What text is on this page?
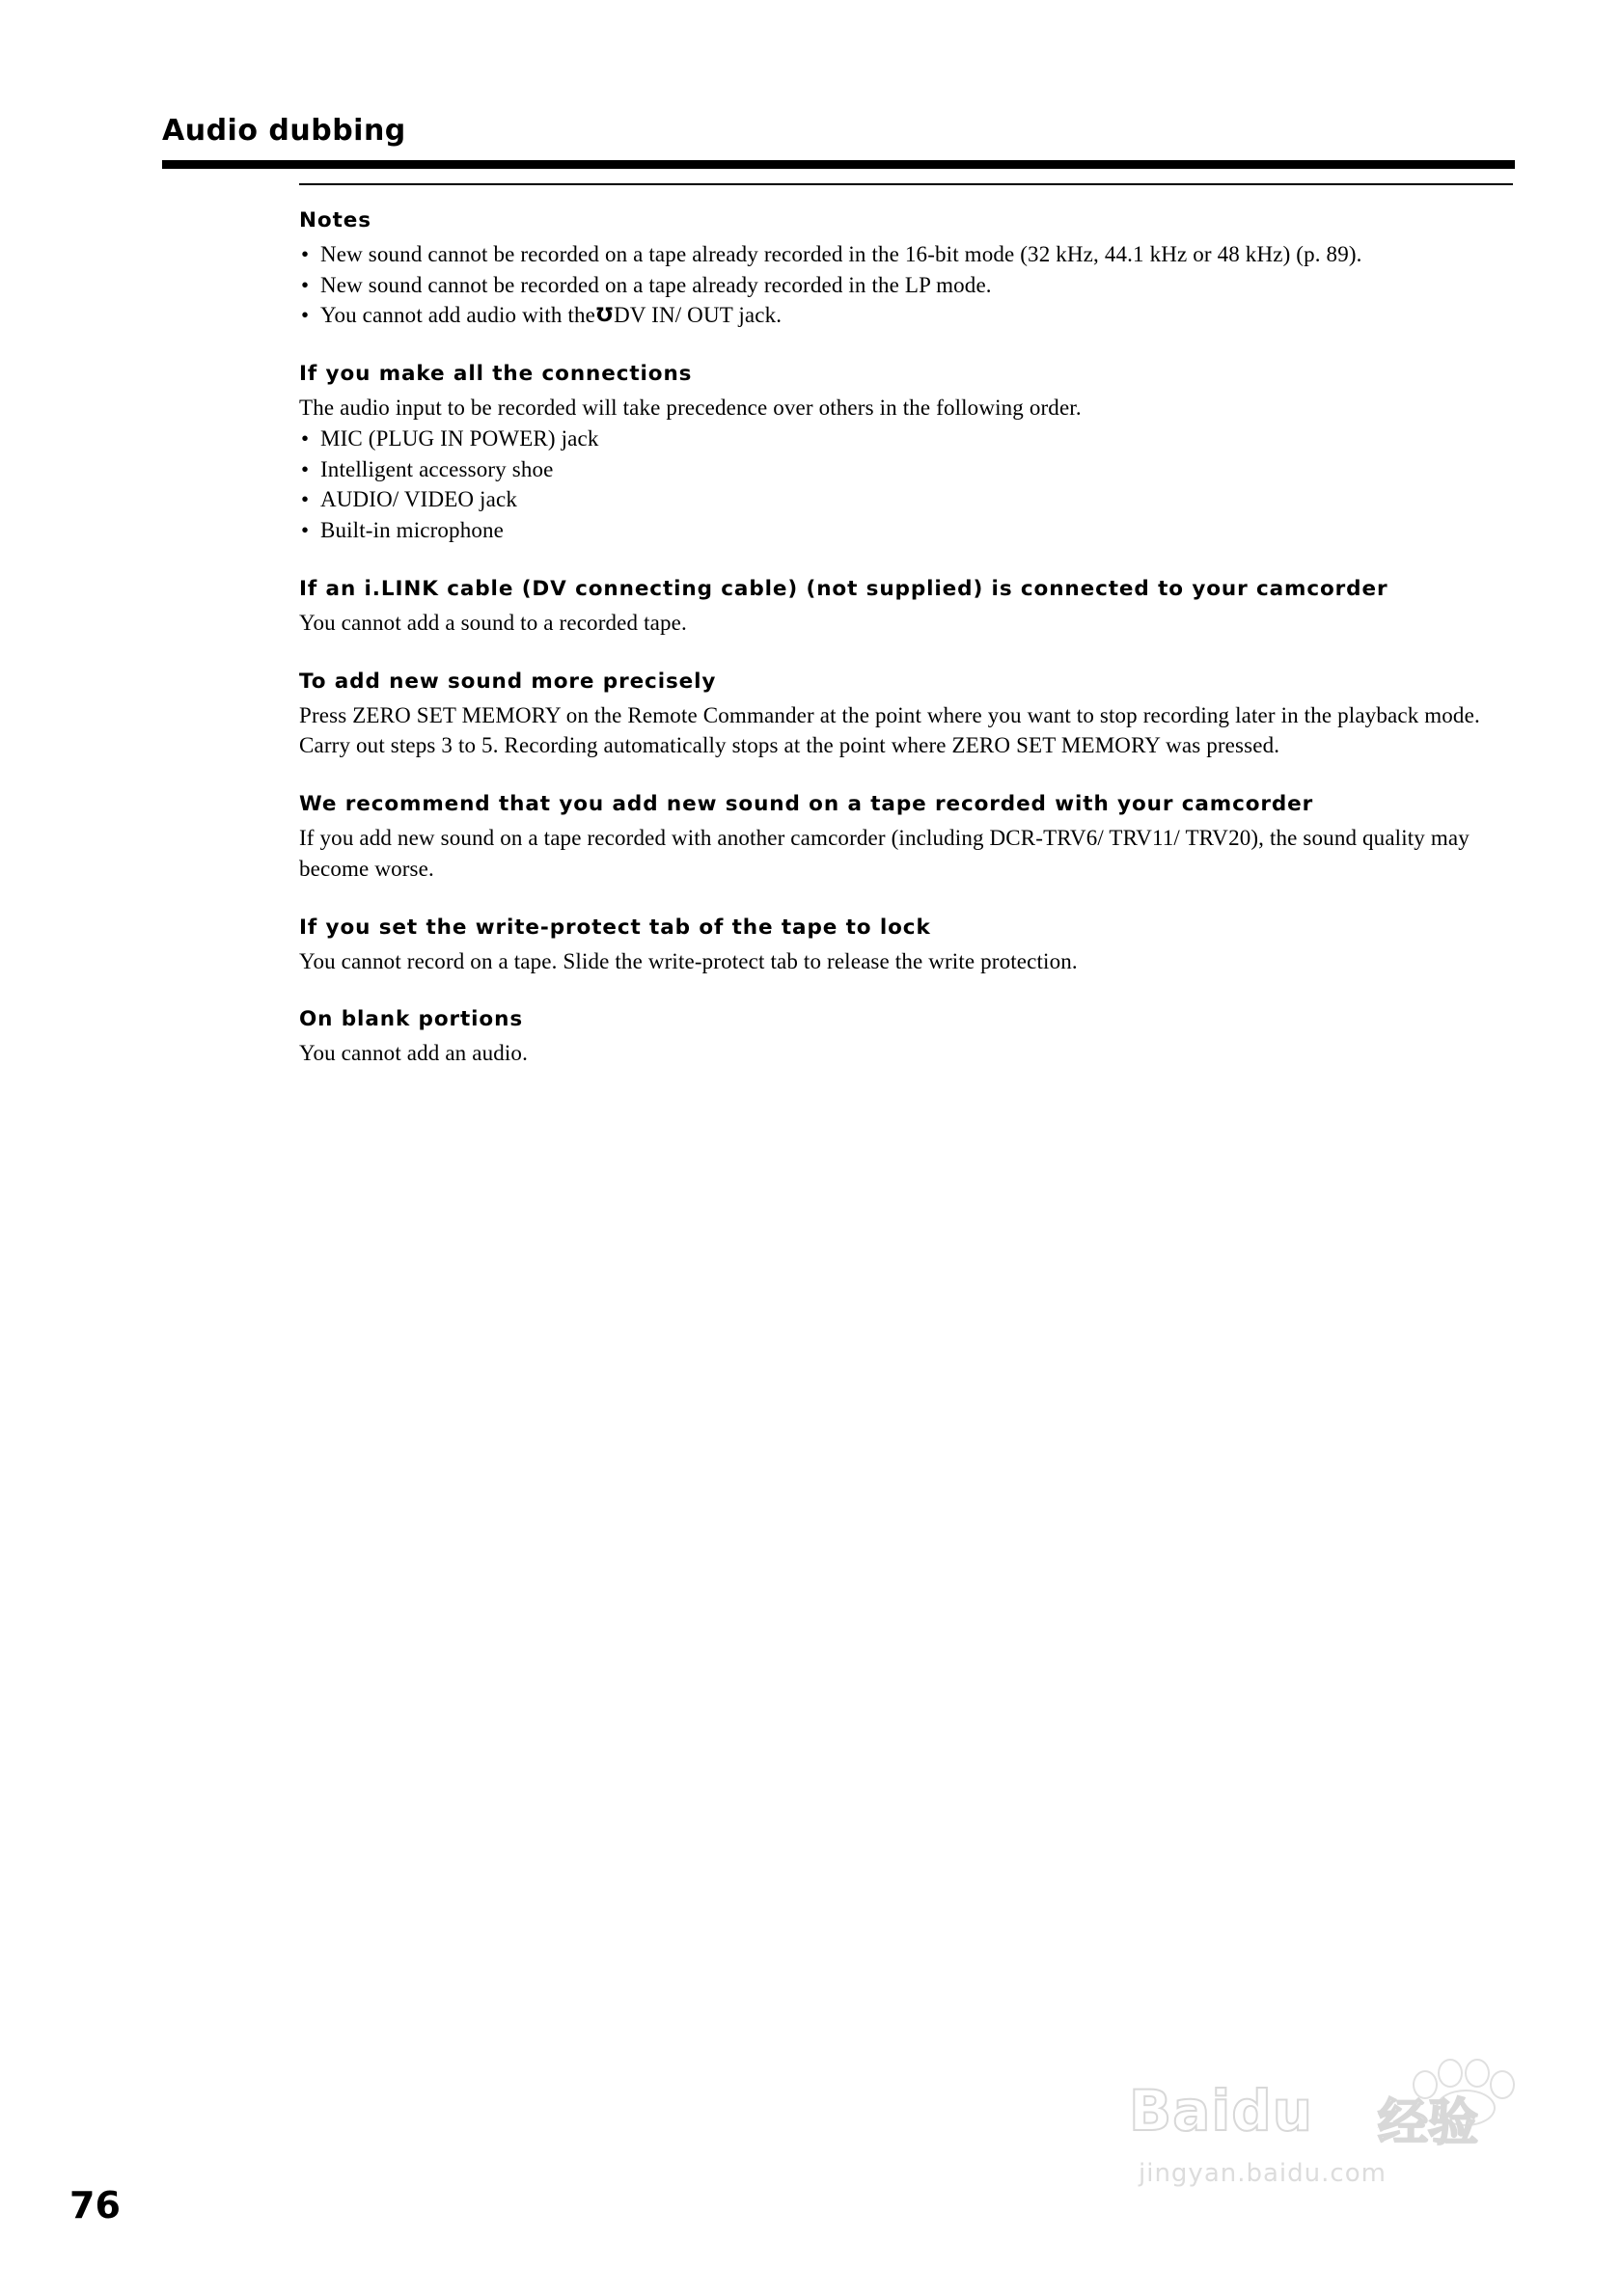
Audio dubbing
Notes
• New sound cannot be recorded on a tape already recorded in the 16-bit mode (32 kHz, 44.1 kHz or 48 kHz) (p. 89).
• New sound cannot be recorded on a tape already recorded in the LP mode.
• You cannot add audio with the℧DV IN/ OUT jack.
If you make all the connections

The audio input to be recorded will take precedence over others in the following order.

• MIC (PLUG IN POWER) jack
• Intelligent accessory shoe
• AUDIO/ VIDEO jack
• Built-in microphone
If an i.LINK cable (DV connecting cable) (not supplied) is connected to your camcorder

You cannot add a sound to a recorded tape.

To add new sound more precisely

Press ZERO SET MEMORY on the Remote Commander at the point where you want to stop recording later in the playback mode.

Carry out steps 3 to 5. Recording automatically stops at the point where ZERO SET MEMORY was pressed.

We recommend that you add new sound on a tape recorded with your camcorder

If you add new sound on a tape recorded with another camcorder (including DCR-TRV6/ TRV11/ TRV20), the sound quality may become worse.

If you set the write-protect tab of the tape to lock

You cannot record on a tape. Slide the write-protect tab to release the write protection.

On blank portions

You cannot add an audio.

76
Baidu 经验
jingyan.baidu.com
